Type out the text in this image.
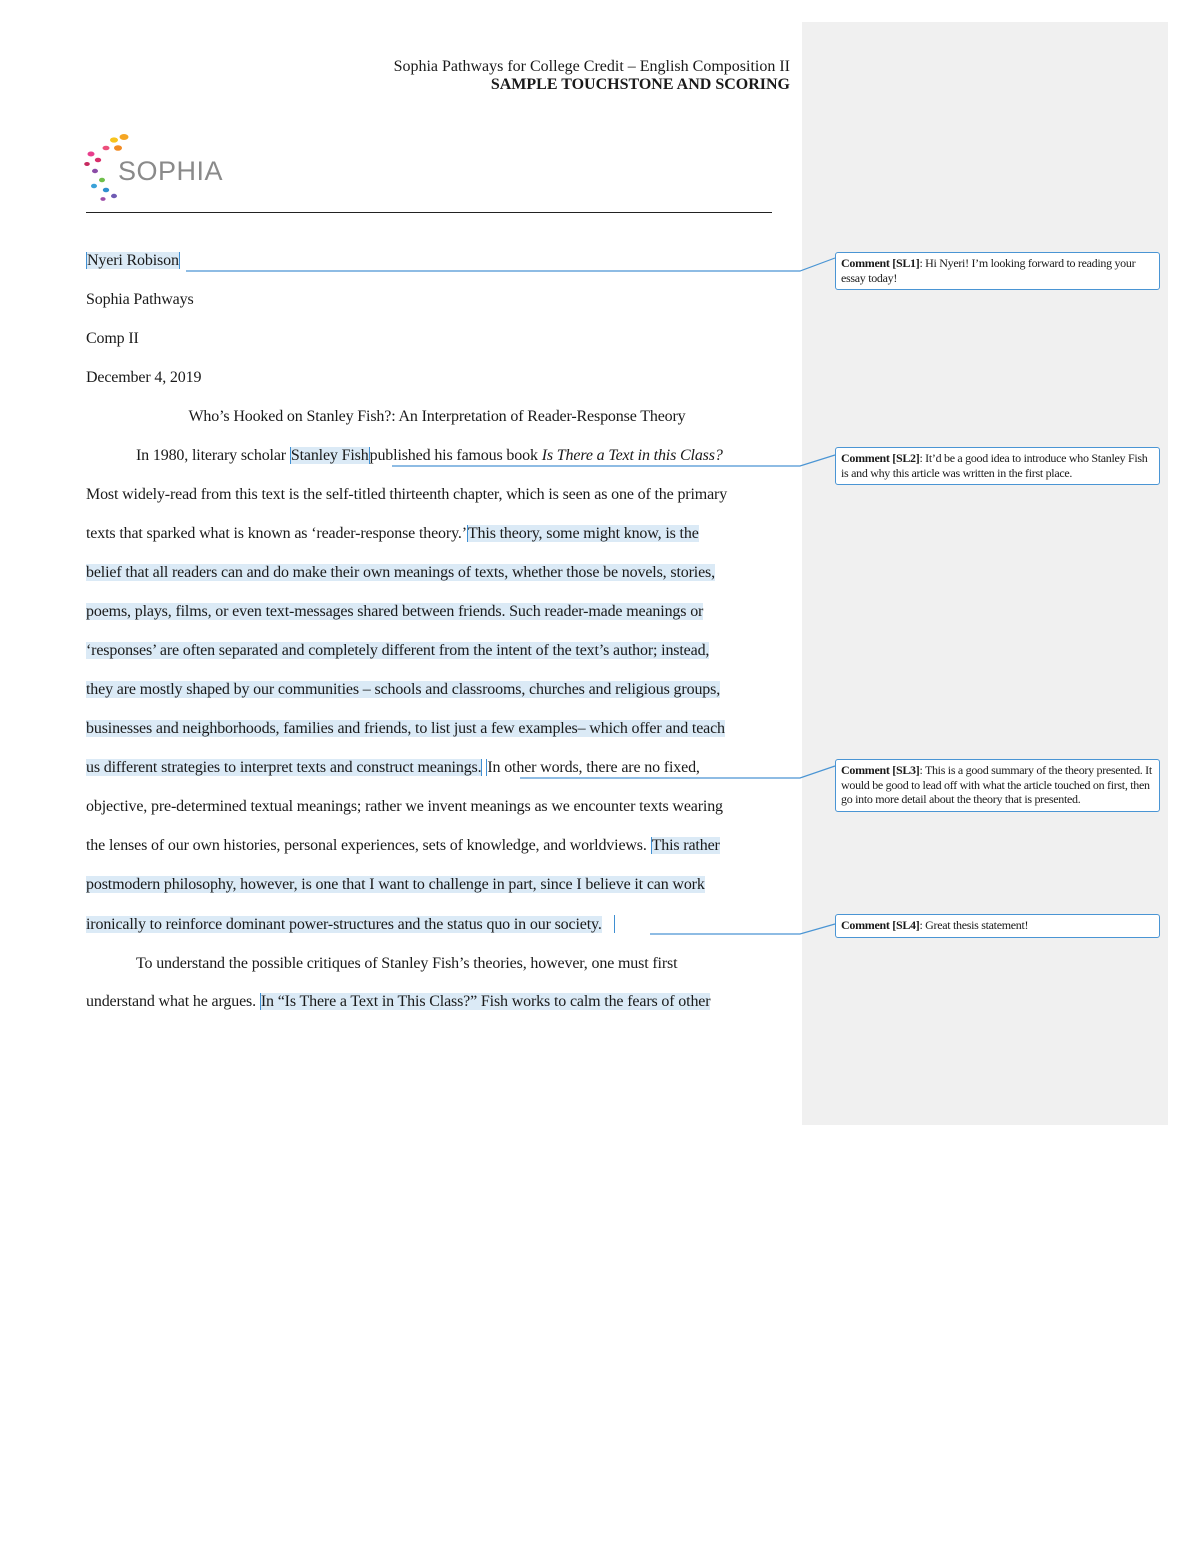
Sophia Pathways for College Credit – English Composition II
SAMPLE TOUCHSTONE AND SCORING
SOPHIA
Nyeri Robison
Sophia Pathways
Comp II
December 4, 2019
Who’s Hooked on Stanley Fish?: An Interpretation of Reader-Response Theory
In 1980, literary scholar Stanley Fishpublished his famous book Is There a Text in this Class?
Most widely-read from this text is the self-titled thirteenth chapter, which is seen as one of the primary
texts that sparked what is known as ‘reader-response theory.’This theory, some might know, is the
belief that all readers can and do make their own meanings of texts, whether those be novels, stories,
poems, plays, films, or even text-messages shared between friends. Such reader-made meanings or
‘responses’ are often separated and completely different from the intent of the text’s author; instead,
they are mostly shaped by our communities – schools and classrooms, churches and religious groups,
businesses and neighborhoods, families and friends, to list just a few examples– which offer and teach
us different strategies to interpret texts and construct meanings. In other words, there are no fixed,
objective, pre-determined textual meanings; rather we invent meanings as we encounter texts wearing
the lenses of our own histories, personal experiences, sets of knowledge, and worldviews. This rather
postmodern philosophy, however, is one that I want to challenge in part, since I believe it can work
ironically to reinforce dominant power-structures and the status quo in our society.
To understand the possible critiques of Stanley Fish’s theories, however, one must first
understand what he argues. In “Is There a Text in This Class?” Fish works to calm the fears of other
Comment [SL1]: Hi Nyeri! I’m looking forward to reading your essay today!
Comment [SL2]: It’d be a good idea to introduce who Stanley Fish is and why this article was written in the first place.
Comment [SL3]: This is a good summary of the theory presented. It would be good to lead off with what the article touched on first, then go into more detail about the theory that is presented.
Comment [SL4]: Great thesis statement!
